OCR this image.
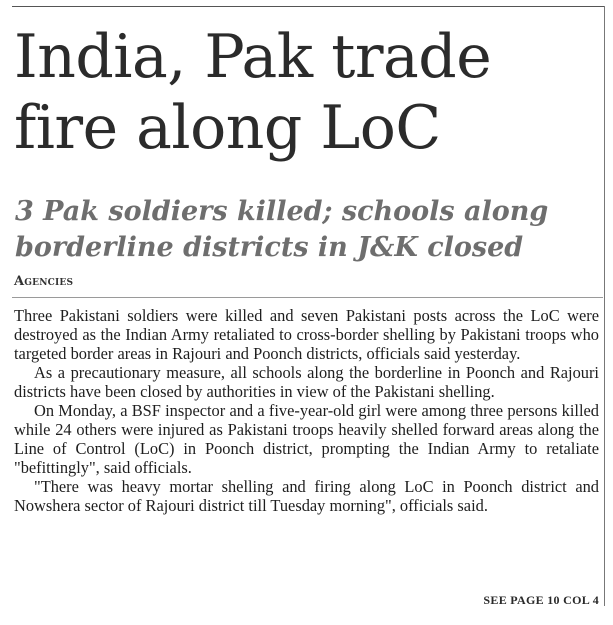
India, Pak trade fire along LoC
3 Pak soldiers killed; schools along borderline districts in J&K closed
Agencies

Three Pakistani soldiers were killed and seven Pakistani posts across the LoC were destroyed as the Indian Army retaliated to cross-border shelling by Pakistani troops who targeted border areas in Rajouri and Poonch districts, officials said yesterday.

As a precautionary measure, all schools along the borderline in Poonch and Rajouri districts have been closed by authorities in view of the Pakistani shelling.

On Monday, a BSF inspector and a five-year-old girl were among three persons killed while 24 others were injured as Pakistani troops heavily shelled forward areas along the Line of Control (LoC) in Poonch district, prompting the Indian Army to retaliate "befittingly", said officials.

"There was heavy mortar shelling and firing along LoC in Poonch district and Nowshera sector of Rajouri district till Tuesday morning", officials said.

SEE PAGE 10 COL 4
